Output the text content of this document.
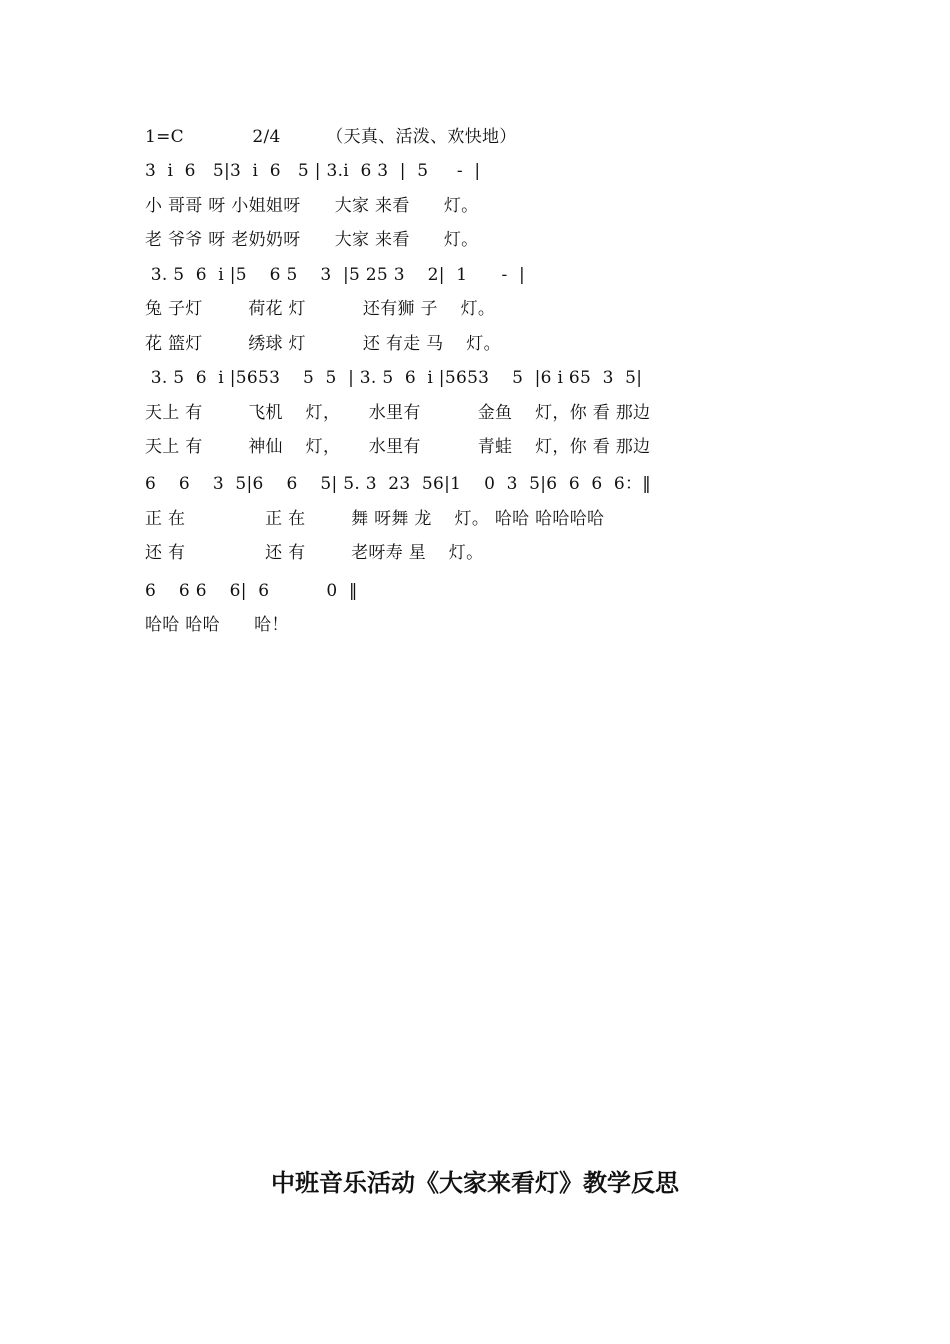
1=C            2/4        （天真、活泼、欢快地）
3  i  6   5|3  i  6   5 | 3.i  6 3  |  5     -  |
小 哥哥 呀 小姐姐呀      大家 来看      灯。
老 爷爷 呀 老奶奶呀      大家 来看      灯。
3. 5  6  i |5    6 5    3  |5 25 3    2|  1      -  |
兔 子灯        荷花 灯          还有狮 子    灯。
花 篮灯        绣球 灯          还 有走 马    灯。
3. 5  6  i |5653    5  5  | 3. 5  6  i |5653    5  |6 i 65  3  5|
天上 有        飞机    灯，     水里有          金鱼    灯，你 看 那边
天上 有        神仙    灯，     水里有          青蛙    灯，你 看 那边
6    6    3  5|6    6    5| 5. 3  23  56|1    0  3  5|6  6  6  6：‖
正 在              正 在        舞 呀舞 龙    灯。 哈哈 哈哈哈哈
还 有              还 有        老呀寿 星    灯。
6    6 6    6|  6          0  ‖
哈哈 哈哈      哈！
中班音乐活动《大家来看灯》教学反思
